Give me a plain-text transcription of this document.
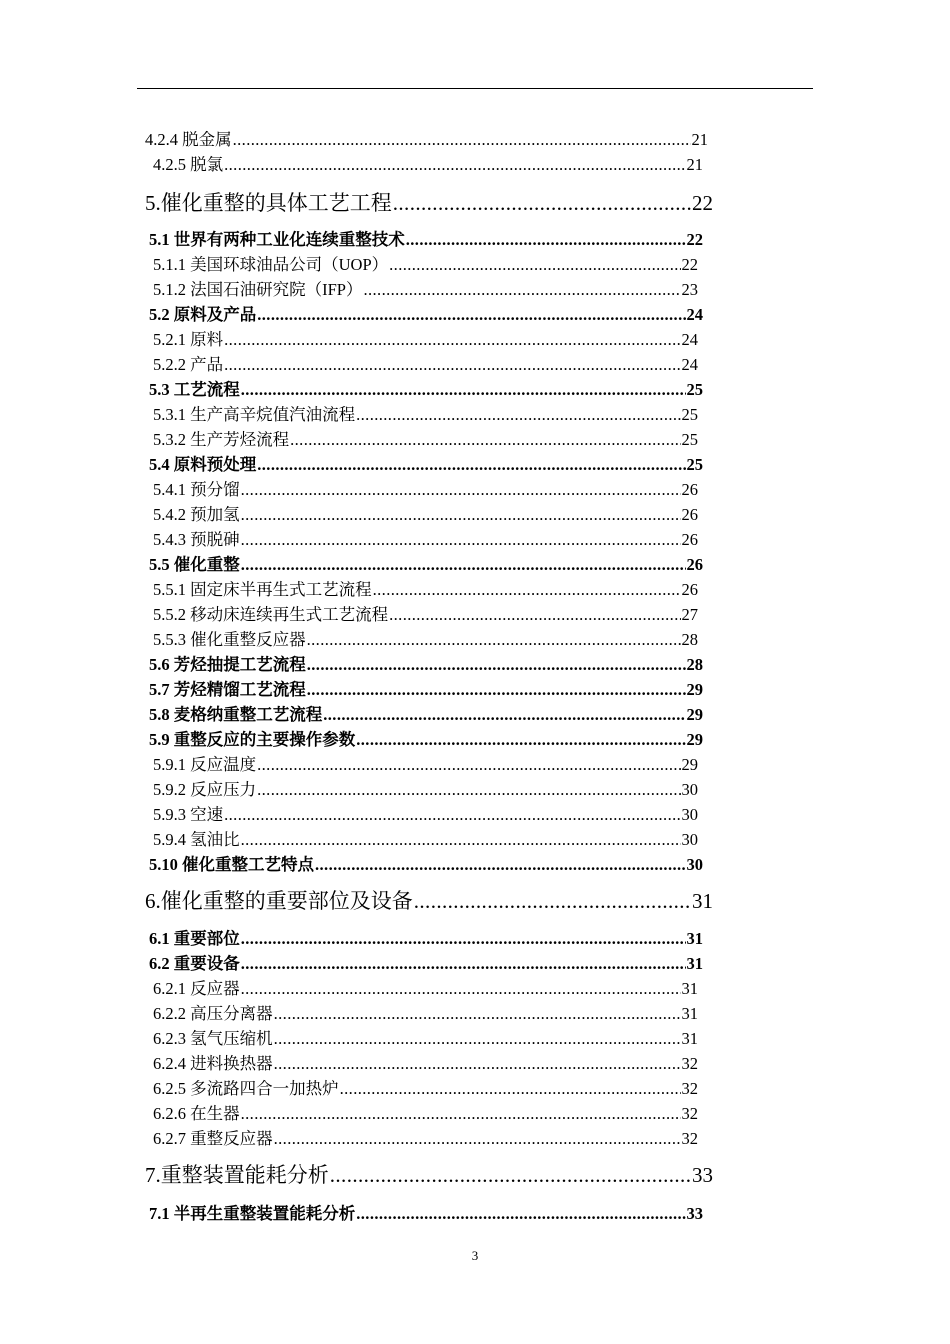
4.2.4 脱金属 .....	21
4.2.5 脱氯 .....	21
5.催化重整的具体工艺工程 .....	22
5.1 世界有两种工业化连续重整技术 .....	22
5.1.1 美国环球油品公司（UOP） .....	22
5.1.2 法国石油研究院（IFP） .....	23
5.2 原料及产品 .....	24
5.2.1 原料 .....	24
5.2.2 产品 .....	24
5.3 工艺流程 .....	25
5.3.1 生产高辛烷值汽油流程 .....	25
5.3.2 生产芳烃流程 .....	25
5.4 原料预处理 .....	25
5.4.1 预分馏 .....	26
5.4.2 预加氢 .....	26
5.4.3 预脱砷 .....	26
5.5 催化重整 .....	26
5.5.1 固定床半再生式工艺流程 .....	26
5.5.2 移动床连续再生式工艺流程 .....	27
5.5.3 催化重整反应器 .....	28
5.6 芳烃抽提工艺流程 .....	28
5.7 芳烃精馏工艺流程 .....	29
5.8 麦格纳重整工艺流程 .....	29
5.9 重整反应的主要操作参数 .....	29
5.9.1 反应温度 .....	29
5.9.2 反应压力 .....	30
5.9.3 空速 .....	30
5.9.4 氢油比 .....	30
5.10 催化重整工艺特点 .....	30
6.催化重整的重要部位及设备 .....	31
6.1 重要部位 .....	31
6.2 重要设备 .....	31
6.2.1 反应器 .....	31
6.2.2 高压分离器 .....	31
6.2.3 氢气压缩机 .....	31
6.2.4 进料换热器 .....	32
6.2.5 多流路四合一加热炉 .....	32
6.2.6 在生器 .....	32
6.2.7 重整反应器 .....	32
7.重整装置能耗分析 .....	33
7.1 半再生重整装置能耗分析 .....	33
3
